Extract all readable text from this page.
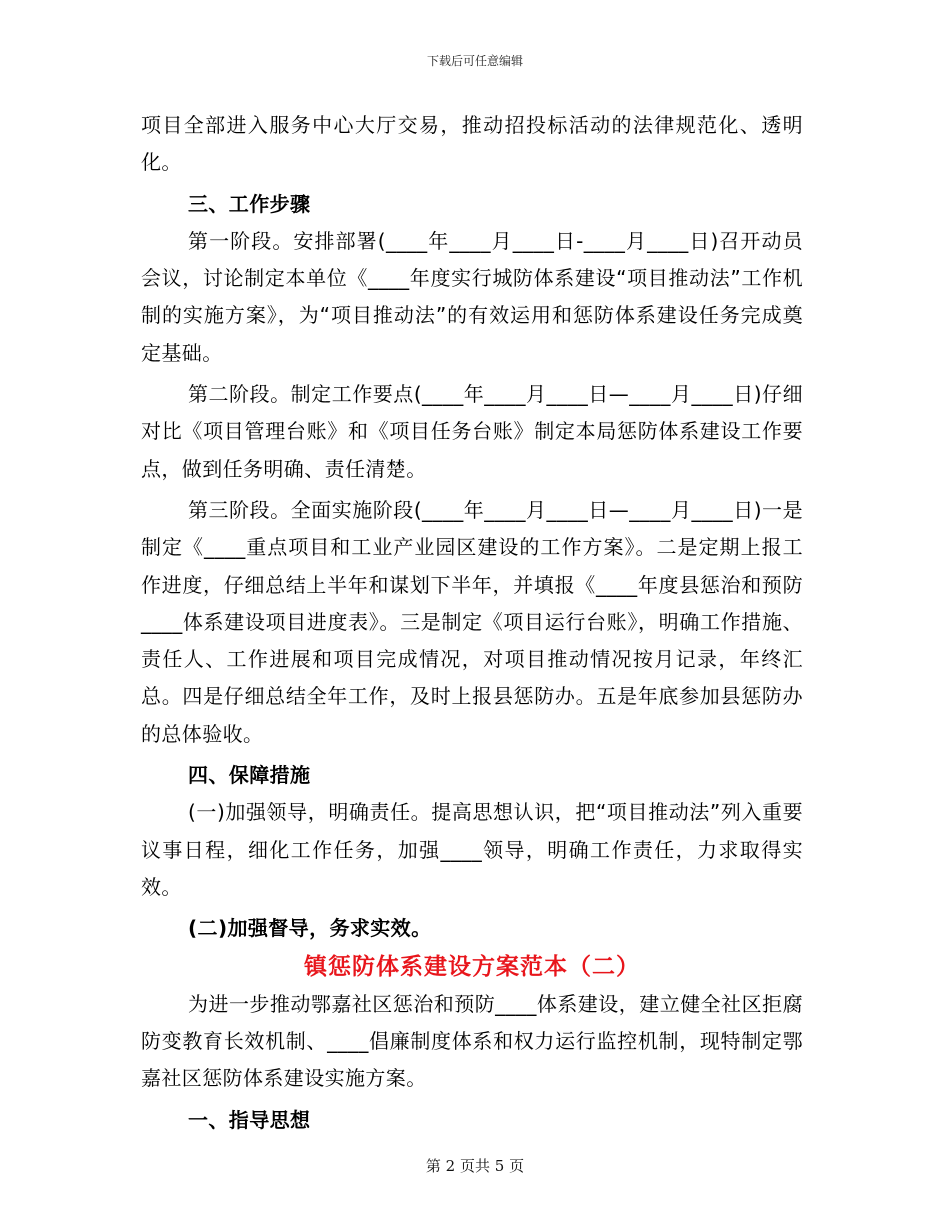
下载后可任意编辑

项目全部进入服务中心大厅交易，推动招投标活动的法律规范化、透明化。

三、工作步骤

第一阶段。安排部署(____年____月____日-____月____日)召开动员会议，讨论制定本单位《____年度实行城防体系建设“项目推动法”工作机制的实施方案》，为“项目推动法”的有效运用和惩防体系建设任务完成奠定基础。

第二阶段。制定工作要点(____年____月____日—____月____日)仔细对比《项目管理台账》和《项目任务台账》制定本局惩防体系建设工作要点，做到任务明确、责任清楚。

第三阶段。全面实施阶段(____年____月____日—____月____日)一是制定《____重点项目和工业产业园区建设的工作方案》。二是定期上报工作进度，仔细总结上半年和谋划下半年，并填报《____年度县惩治和预防____体系建设项目进度表》。三是制定《项目运行台账》，明确工作措施、责任人、工作进展和项目完成情况，对项目推动情况按月记录，年终汇总。四是仔细总结全年工作，及时上报县惩防办。五是年底参加县惩防办的总体验收。

四、保障措施

(一)加强领导，明确责任。提高思想认识，把“项目推动法”列入重要议事日程，细化工作任务，加强____领导，明确工作责任，力求取得实效。

(二)加强督导，务求实效。

镇惩防体系建设方案范本（二）

为进一步推动鄂嘉社区惩治和预防____体系建设，建立健全社区拒腐防变教育长效机制、____倡廉制度体系和权力运行监控机制，现特制定鄂嘉社区惩防体系建设实施方案。

一、指导思想

第 2 页共 5 页
